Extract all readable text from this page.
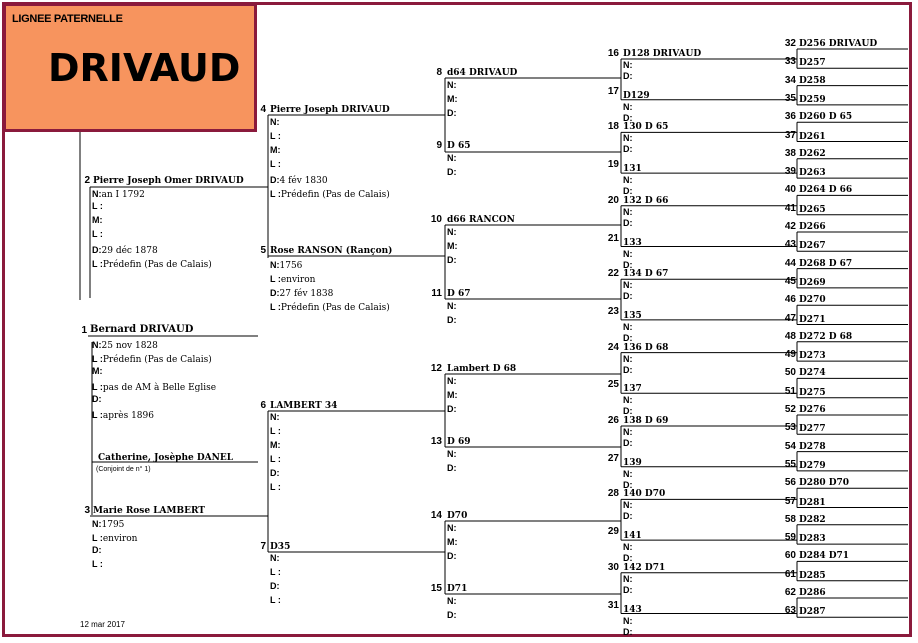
LIGNEE PATERNELLE
DRIVAUD
1 Bernard DRIVAUD
N:25 nov 1828
L :Prédefin (Pas de Calais)
M:
L :pas de AM à Belle Eglise
D:
L :après 1896
Catherine, Josèphe DANEL
(Conjoint de n° 1)
2 Pierre Joseph Omer DRIVAUD
N:an I 1792
L :
M:
L :
D:29 déc 1878
L :Prédefin (Pas de Calais)
3 Marie Rose LAMBERT
N:1795
L :environ
D:
L :
4 Pierre Joseph DRIVAUD
N:
L :
M:
L :
D:4 fév 1830
L :Prédefin (Pas de Calais)
5 Rose RANSON (Rançon)
N:1756
L :environ
D:27 fév 1838
L :Prédefin (Pas de Calais)
6 LAMBERT 34
N:
L :
M:
L :
D:
L :
7 D35
N:
L :
D:
L :
8 d64 DRIVAUD
N:
M:
D:
9 D 65
N:
D:
10 d66 RANCON
N:
M:
D:
11 D 67
N:
D:
12 Lambert D 68
N:
M:
D:
13 D 69
N:
D:
14 D70
N:
M:
D:
15 D71
N:
D:
16 D128 DRIVAUD
N:
D:
17 D129
N:
D:
18 130 D 65
N:
D:
19 131
N:
D:
20 132 D 66
N:
D:
21 133
N:
D:
22 134 D 67
N:
D:
23 135
N:
D:
24 136 D 68
N:
D:
25 137
N:
D:
26 138 D 69
N:
D:
27 139
N:
D:
28 140 D70
N:
D:
29 141
N:
D:
30 142 D71
N:
D:
31 143
N:
D:
32 D256 DRIVAUD
33 D257
34 D258
35 D259
36 D260 D 65
37 D261
38 D262
39 D263
40 D264 D 66
41 D265
42 D266
43 D267
44 D268 D 67
45 D269
46 D270
47 D271
48 D272 D 68
49 D273
50 D274
51 D275
52 D276
53 D277
54 D278
55 D279
56 D280 D70
57 D281
58 D282
59 D283
60 D284 D71
61 D285
62 D286
63 D287
12 mar 2017
